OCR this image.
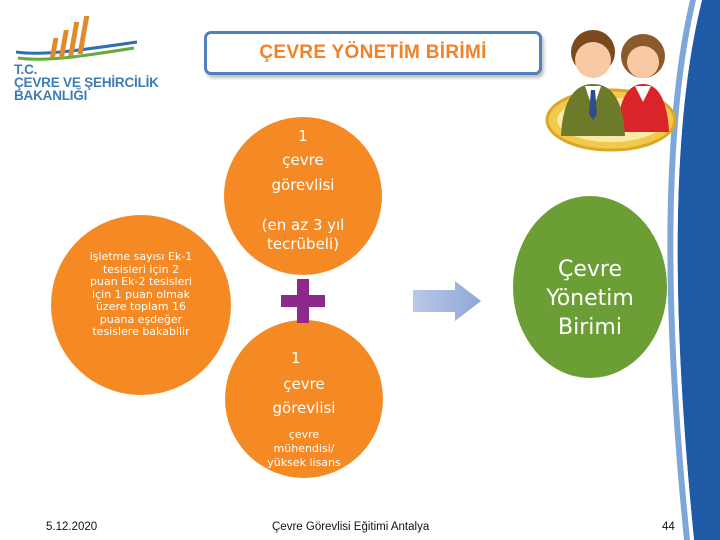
T.C.
ÇEVRE VE ŞEHİRCİLİK
BAKANLIĞI
ÇEVRE YÖNETİM BİRİMİ
1
çevre
görevlisi
(en az 3 yıl
tecrübeli)
1
çevre
görevlisi
çevre
mühendisi/
yüksek lisans
işletme sayısı Ek-1
tesisleri için 2
puan Ek-2 tesisleri
için 1 puan olmak
üzere toplam 16
puana eşdeğer
tesislere bakabilir
Çevre
Yönetim
Birimi
5.12.2020	Çevre Görevlisi Eğitimi Antalya	44
